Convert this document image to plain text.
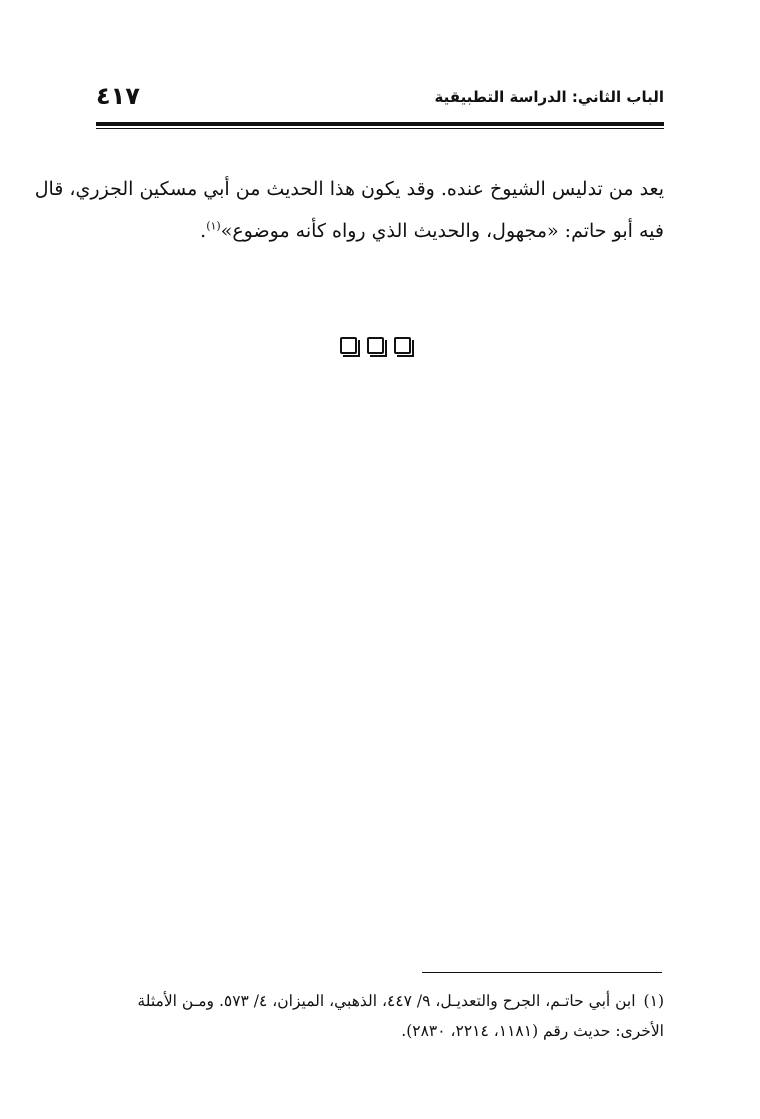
٤١٧	الباب الثاني: الدراسة التطبيقية

يعد من تدليس الشيوخ عنده. وقد يكون هذا الحديث من أبي مسكين الجزري، قال

فيه أبو حاتم: «مجهول، والحديث الذي رواه كأنه موضوع»$^{(١)}$.

(١)ابن أبي حاتـم، الجرح والتعديـل، ٩/ ٤٤٧، الذهبي، الميزان، ٤/ ٥٧٣. ومـن الأمثلة

الأخرى: حديث رقم (١١٨١، ٢٢١٤، ٢٨٣٠).
